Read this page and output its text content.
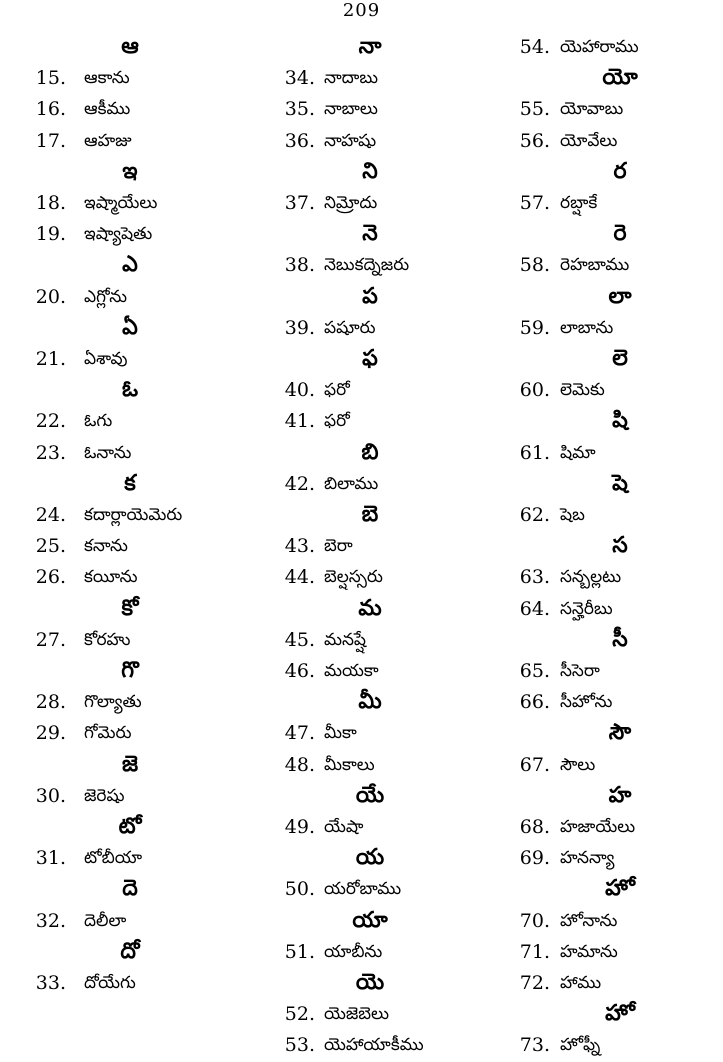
209
ఆ
15. ఆకాను
16. ఆకీము
17. ఆహజు
ఇ
18. ఇష్మాయేలు
19. ఇష్యాషెతు
ఎ
20. ఎగ్లోను
ఏ
21. ఏశావు
ఓ
22. ఓగు
23. ఓనాను
క
24. కదార్లాయెమెరు
25. కనాను
26. కయీను
కో
27. కోరహు
గొ
28. గొల్యాతు
29. గోమెరు
జె
30. జెరెషు
టో
31. టోబీయా
దె
32. దెలీలా
దో
33. దోయేగు
నా
34. నాదాబు
35. నాబాలు
36. నాహషు
ని
37. నిమ్రోదు
నె
38. నెబుకద్నెజరు
ప
39. పషూరు
ఫ
40. ఫరో
41. ఫరో
బి
42. బిలాము
బె
43. బెరా
44. బెల్షస్సరు
మ
45. మనష్షే
46. మయకా
మీ
47. మీకా
48. మీకాలు
యే
49. యేషా
య
50. యరోబాము
యా
51. యాబీను
యె
52. యెజెబెలు
53. యెహాయాకీము
54. యెహారాము
యో
55. యోవాబు
56. యోవేలు
ర
57. రబ్షాకే
రె
58. రెహబాము
లా
59. లాబాను
లె
60. లెమెకు
షి
61. షిమా
షె
62. షెబ
స
63. సన్బల్లటు
64. సన్హెరీబు
సీ
65. సీసెరా
66. సీహోను
సౌ
67. సౌలు
హ
68. హజాయేలు
69. హనన్యా
హో
70. హోనాను
71. హమాను
72. హాము
హో
73. హోఫ్నీ
